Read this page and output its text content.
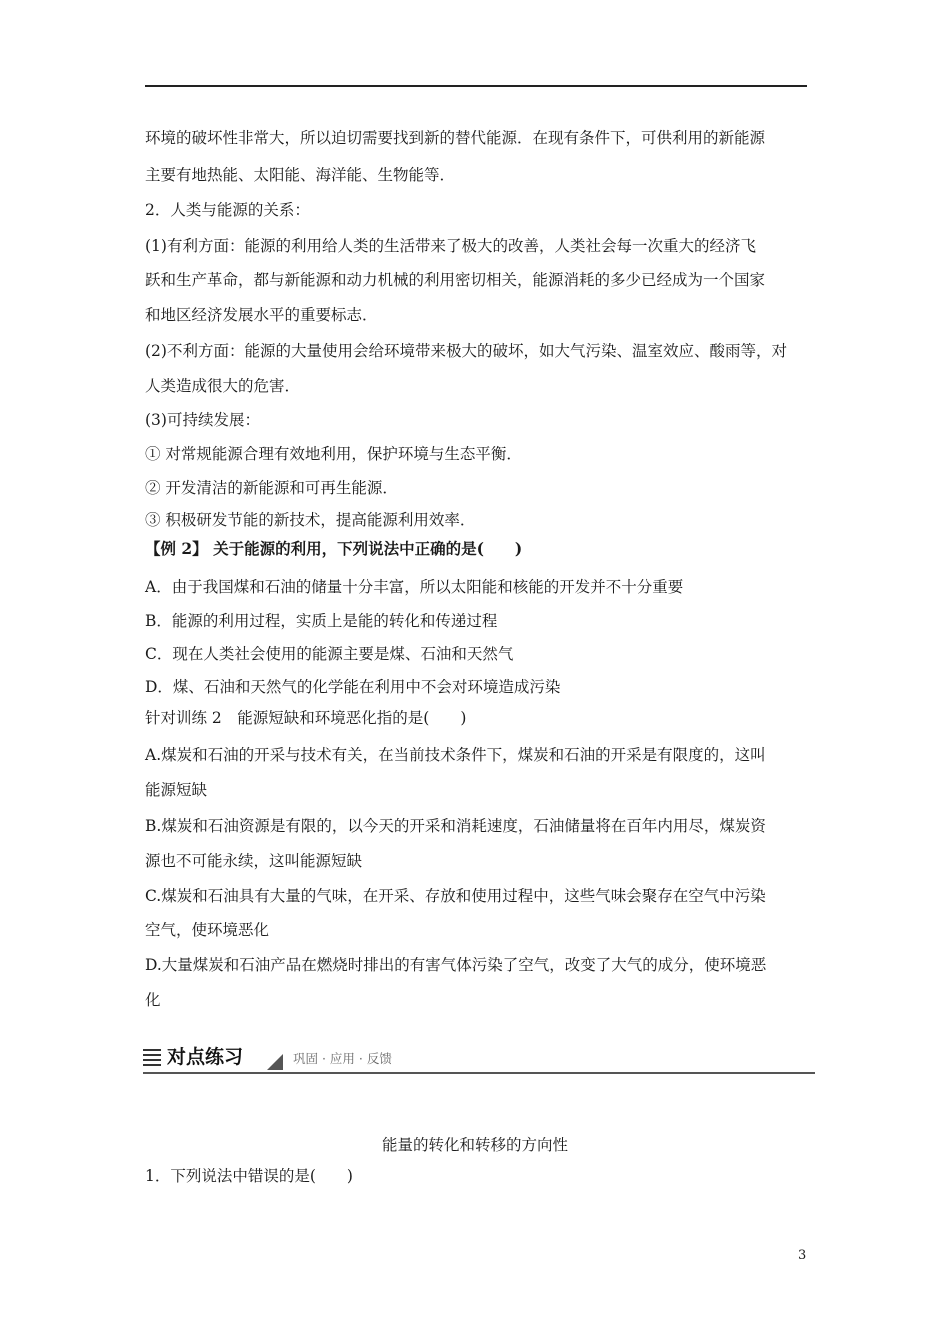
环境的破坏性非常大，所以迫切需要找到新的替代能源．在现有条件下，可供利用的新能源
主要有地热能、太阳能、海洋能、生物能等．
2．人类与能源的关系：
(1)有利方面：能源的利用给人类的生活带来了极大的改善，人类社会每一次重大的经济飞
跃和生产革命，都与新能源和动力机械的利用密切相关，能源消耗的多少已经成为一个国家
和地区经济发展水平的重要标志．
(2)不利方面：能源的大量使用会给环境带来极大的破坏，如大气污染、温室效应、酸雨等，对
人类造成很大的危害．
(3)可持续发展：
① 对常规能源合理有效地利用，保护环境与生态平衡．
② 开发清洁的新能源和可再生能源．
③ 积极研发节能的新技术，提高能源利用效率．
【例 2】 关于能源的利用，下列说法中正确的是(　　)
A．由于我国煤和石油的储量十分丰富，所以太阳能和核能的开发并不十分重要
B．能源的利用过程，实质上是能的转化和传递过程
C．现在人类社会使用的能源主要是煤、石油和天然气
D．煤、石油和天然气的化学能在利用中不会对环境造成污染
针对训练 2　能源短缺和环境恶化指的是(　　)
A.煤炭和石油的开采与技术有关，在当前技术条件下，煤炭和石油的开采是有限度的，这叫
能源短缺
B.煤炭和石油资源是有限的，以今天的开采和消耗速度，石油储量将在百年内用尽，煤炭资
源也不可能永续，这叫能源短缺
C.煤炭和石油具有大量的气味，在开采、存放和使用过程中，这些气味会聚存在空气中污染
空气，使环境恶化
D.大量煤炭和石油产品在燃烧时排出的有害气体污染了空气，改变了大气的成分，使环境恶
化
对点练习	巩固 · 应用 · 反馈
能量的转化和转移的方向性
1．下列说法中错误的是(　　)
3
